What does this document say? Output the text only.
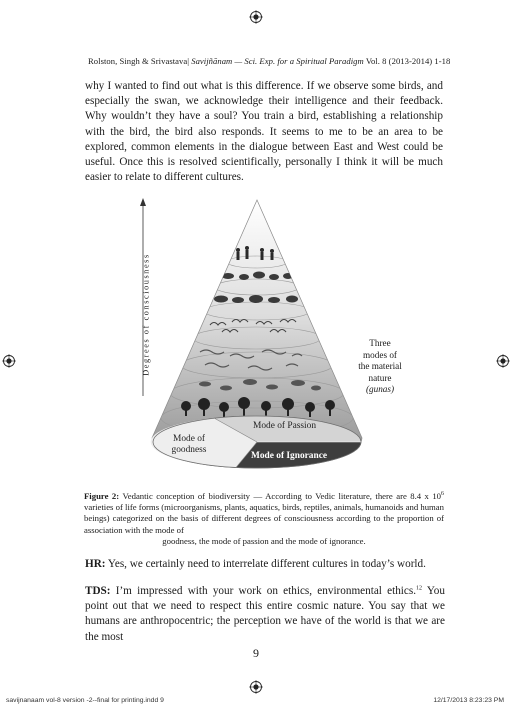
Rolston, Singh & Srivastava| Savijñānam — Sci. Exp. for a Spiritual Paradigm Vol. 8 (2013-2014) 1-18
why I wanted to find out what is this difference. If we observe some birds, and especially the swan, we acknowledge their intelligence and their feedback. Why wouldn’t they have a soul? You train a bird, establishing a relationship with the bird, the bird also responds. It seems to me to be an area to be explored, common elements in the dialogue between East and West could be useful. Once this is resolved scientifically, personally I think it will be much easier to relate to different cultures.
Degrees of consciousness	Three
modes of
the material
nature
(gunas)
Mode of Passion
Mode of
goodness
Mode of Ignorance
Figure 2: Vedantic conception of biodiversity — According to Vedic literature, there are 8.4 x $10^6$ varieties of life forms (microorganisms, plants, aquatics, birds, reptiles, animals, humanoids and human beings) categorized on the basis of different degrees of consciousness according to the proportion of association with the mode of
goodness, the mode of passion and the mode of ignorance.
HR: Yes, we certainly need to interrelate different cultures in today’s world.
TDS: I’m impressed with your work on ethics, environmental ethics.$^{12}$ You point out that we need to respect this entire cosmic nature. You say that we humans are anthropocentric; the perception we have of the world is that we are the most
9
savijnanaam vol-8 version -2--final for printing.indd 9	12/17/2013 8:23:23 PM
